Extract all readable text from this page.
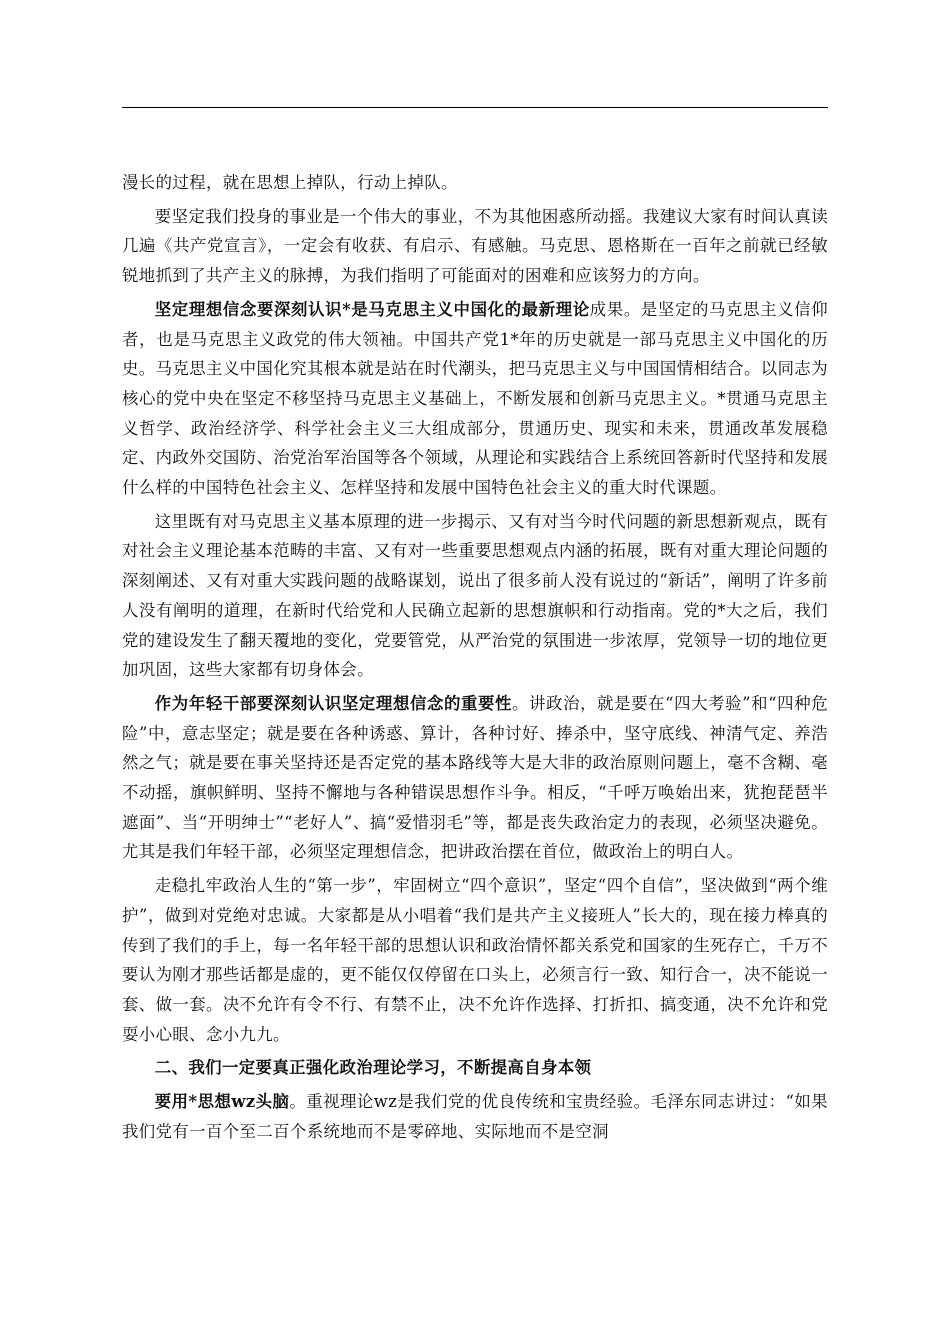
漫长的过程，就在思想上掉队，行动上掉队。

要坚定我们投身的事业是一个伟大的事业，不为其他困惑所动摇。我建议大家有时间认真读几遍《共产党宣言》，一定会有收获、有启示、有感触。马克思、恩格斯在一百年之前就已经敏锐地抓到了共产主义的脉搏，为我们指明了可能面对的困难和应该努力的方向。

坚定理想信念要深刻认识*是马克思主义中国化的最新理论成果。是坚定的马克思主义信仰者，也是马克思主义政党的伟大领袖。中国共产党1*年的历史就是一部马克思主义中国化的历史。马克思主义中国化究其根本就是站在时代潮头，把马克思主义与中国国情相结合。以同志为核心的党中央在坚定不移坚持马克思主义基础上，不断发展和创新马克思主义。*贯通马克思主义哲学、政治经济学、科学社会主义三大组成部分，贯通历史、现实和未来，贯通改革发展稳定、内政外交国防、治党治军治国等各个领域，从理论和实践结合上系统回答新时代坚持和发展什么样的中国特色社会主义、怎样坚持和发展中国特色社会主义的重大时代课题。

这里既有对马克思主义基本原理的进一步揭示、又有对当今时代问题的新思想新观点，既有对社会主义理论基本范畴的丰富、又有对一些重要思想观点内涵的拓展，既有对重大理论问题的深刻阐述、又有对重大实践问题的战略谋划，说出了很多前人没有说过的“新话”，阐明了许多前人没有阐明的道理，在新时代给党和人民确立起新的思想旗帜和行动指南。党的*大之后，我们党的建设发生了翻天覆地的变化，党要管党，从严治党的氛围进一步浓厚，党领导一切的地位更加巩固，这些大家都有切身体会。

作为年轻干部要深刻认识坚定理想信念的重要性。讲政治，就是要在“四大考验”和“四种危险”中，意志坚定；就是要在各种诱惑、算计，各种讨好、捧杀中，坚守底线、神清气定、养浩然之气；就是要在事关坚持还是否定党的基本路线等大是大非的政治原则问题上，毫不含糊、毫不动摇，旗帜鲜明、坚持不懈地与各种错误思想作斗争。相反，“千呼万唤始出来，犹抱琵琶半遮面”、当“开明绅士”“老好人”、搞“爱惜羽毛”等，都是丧失政治定力的表现，必须坚决避免。尤其是我们年轻干部，必须坚定理想信念，把讲政治摆在首位，做政治上的明白人。

走稳扎牢政治人生的“第一步”，牢固树立“四个意识”，坚定“四个自信”，坚决做到“两个维护”，做到对党绝对忠诚。大家都是从小唱着“我们是共产主义接班人”长大的，现在接力棒真的传到了我们的手上，每一名年轻干部的思想认识和政治情怀都关系党和国家的生死存亡，千万不要认为刚才那些话都是虚的，更不能仅仅停留在口头上，必须言行一致、知行合一，决不能说一套、做一套。决不允许有令不行、有禁不止，决不允许作选择、打折扣、搞变通，决不允许和党耍小心眼、念小九九。

二、我们一定要真正强化政治理论学习，不断提高自身本领

要用*思想wz头脑。重视理论wz是我们党的优良传统和宝贵经验。毛泽东同志讲过：“如果我们党有一百个至二百个系统地而不是零碎地、实际地而不是空洞
